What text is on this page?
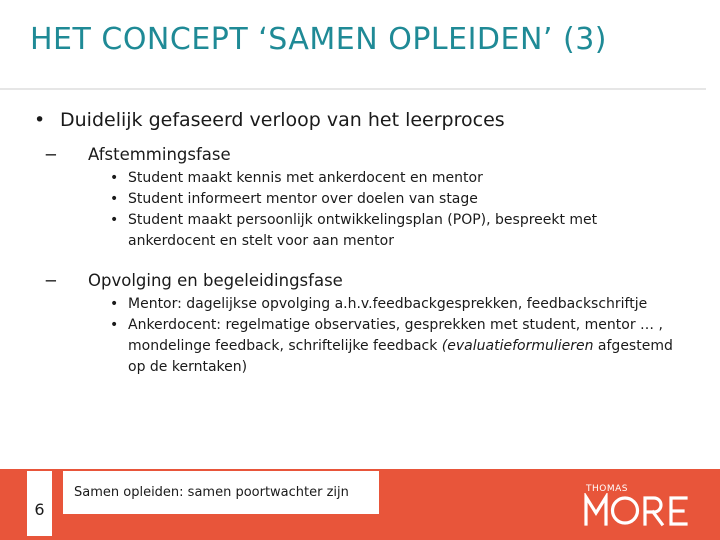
HET CONCEPT ‘SAMEN OPLEIDEN’ (3)
• Duidelijk gefaseerd verloop van het leerproces
−	Afstemmingsfase
• Student maakt kennis met ankerdocent en mentor
• Student informeert mentor over doelen van stage
• Student maakt persoonlijk ontwikkelingsplan (POP), bespreekt met ankerdocent en stelt voor aan mentor
−	Opvolging en begeleidingsfase
• Mentor: dagelijkse opvolging a.h.v.feedbackgesprekken, feedbackschriftje
• Ankerdocent: regelmatige observaties, gesprekken met student, mentor … , mondelinge feedback, schriftelijke feedback (evaluatieformulieren afgestemd op de kerntaken)
6
Samen opleiden: samen poortwachter zijn	THOMAS
